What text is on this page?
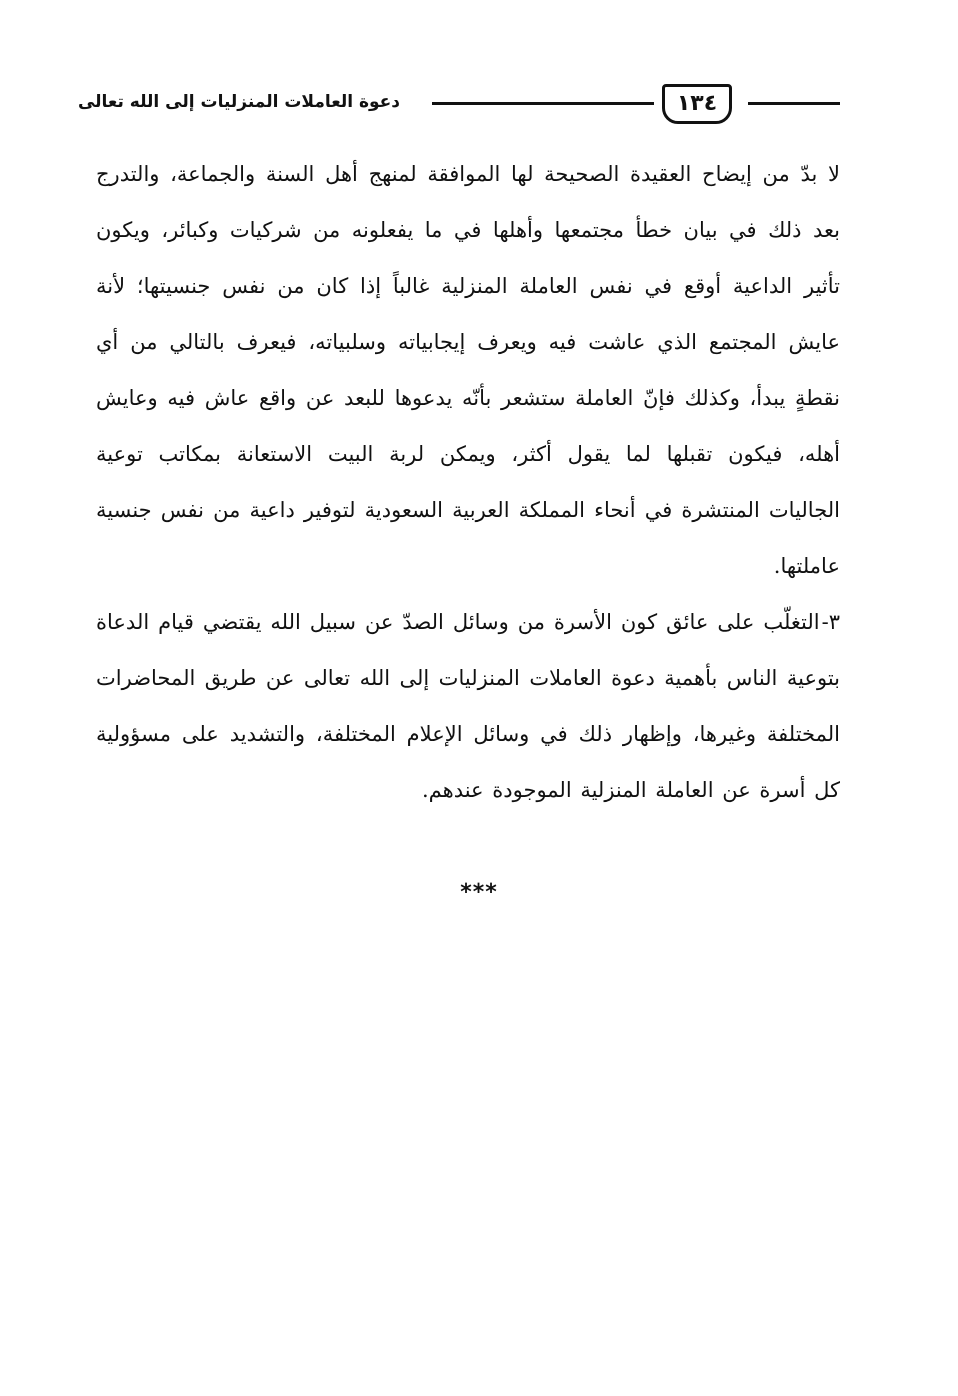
١٣٤
دعوة العاملات المنزليات إلى الله تعالى

لا بدّ من إيضاح العقيدة الصحيحة لها الموافقة لمنهج أهل السنة والجماعة، والتدرج بعد ذلك في بيان خطأ مجتمعها وأهلها في ما يفعلونه من شركيات وكبائر، ويكون تأثير الداعية أوقع في نفس العاملة المنزلية غالباً إذا كان من نفس جنسيتها؛ لأنة عايش المجتمع الذي عاشت فيه ويعرف إيجابياته وسلبياته، فيعرف بالتالي من أي نقطةٍ يبدأ، وكذلك فإنّ العاملة ستشعر بأنّه يدعوها للبعد عن واقع عاش فيه وعايش أهله، فيكون تقبلها لما يقول أكثر، ويمكن لربة البيت الاستعانة بمكاتب توعية الجاليات المنتشرة في أنحاء المملكة العربية السعودية لتوفير داعية من نفس جنسية عاملتها.

٣-التغلّب على عائق كون الأسرة من وسائل الصدّ عن سبيل الله يقتضي قيام الدعاة بتوعية الناس بأهمية دعوة العاملات المنزليات إلى الله تعالى عن طريق المحاضرات المختلفة وغيرها، وإظهار ذلك في وسائل الإعلام المختلفة، والتشديد على مسؤولية كل أسرة عن العاملة المنزلية الموجودة عندهم.

***
